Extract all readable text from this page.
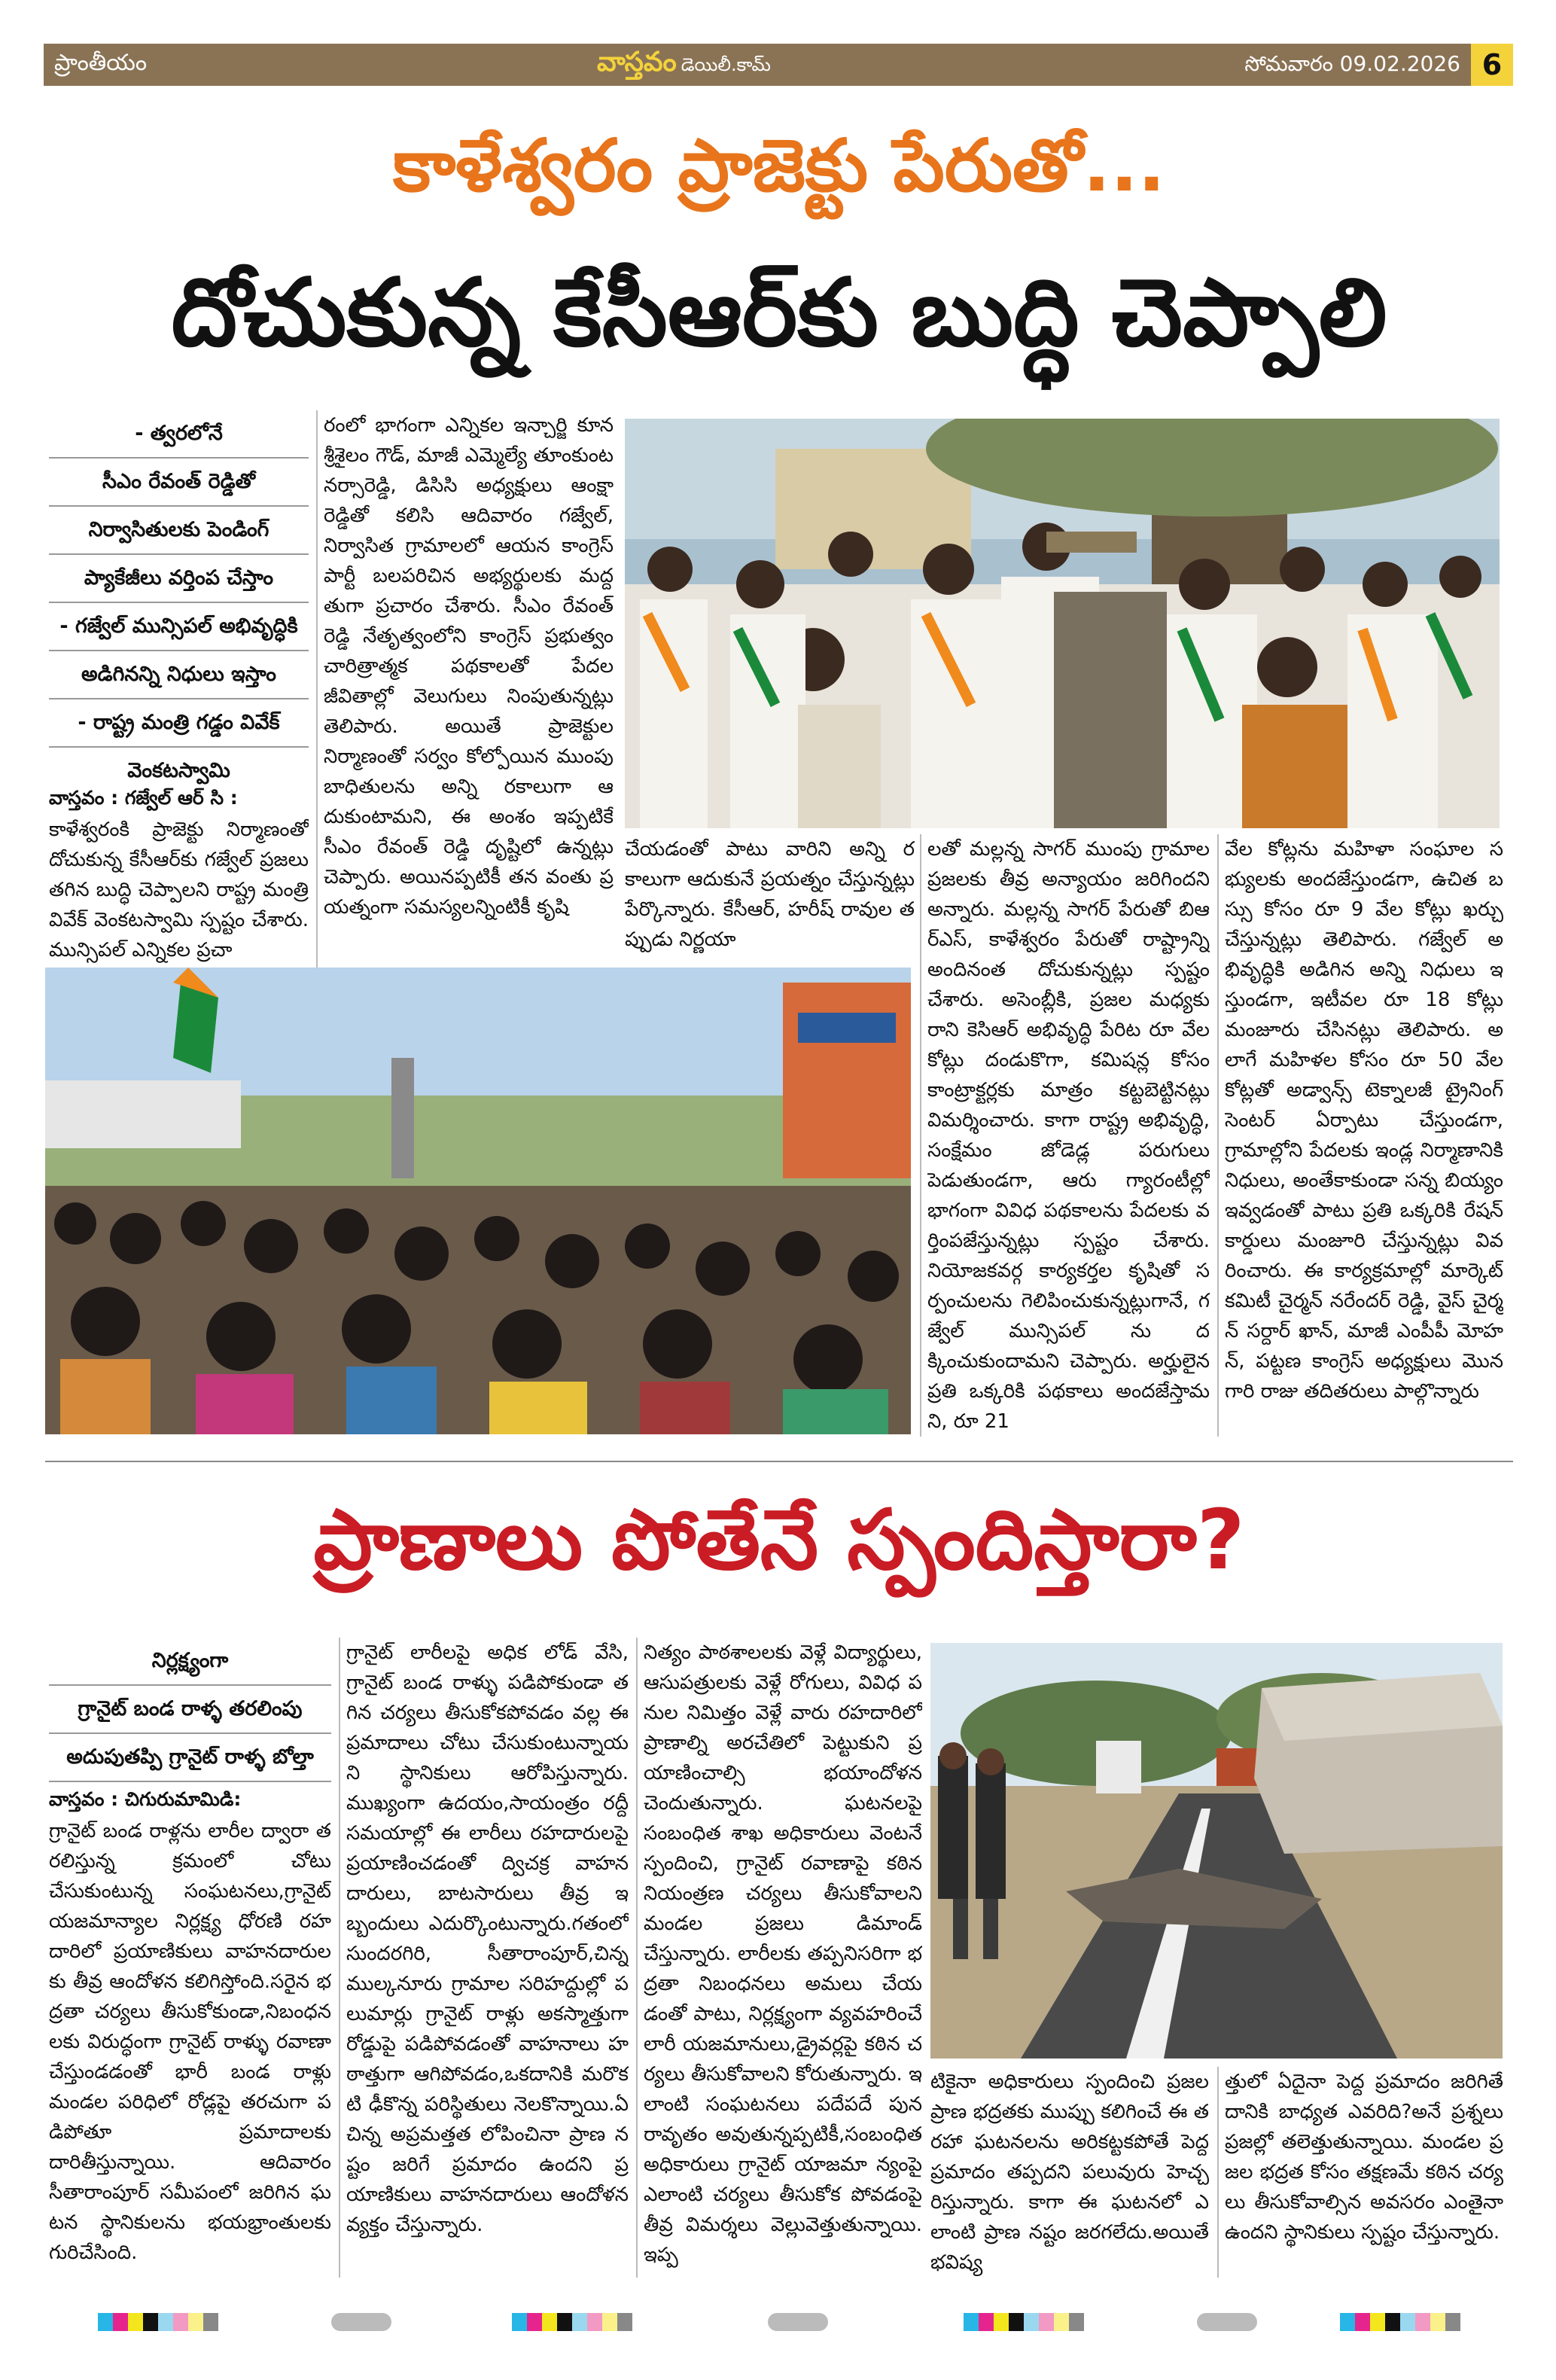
ప్రాంతీయం	వాస్తవం డెయిలీ.కామ్	సోమవారం 09.02.2026 6
కాళేశ్వరం ప్రాజెక్టు పేరుతో...
దోచుకున్న కేసీఆర్‌కు బుద్ధి చెప్పాలి
- త్వరలోనే
సీఎం రేవంత్ రెడ్డితో
నిర్వాసితులకు పెండింగ్
ప్యాకేజీలు వర్తింప చేస్తాం
- గజ్వేల్ మున్సిపల్ అభివృద్ధికి
అడిగినన్ని నిధులు ఇస్తాం
- రాష్ట్ర మంత్రి గడ్డం వివేక్
వెంకటస్వామి
వాస్తవం : గజ్వేల్ ఆర్ సి :
కాళేశ్వరంకి ప్రాజెక్టు నిర్మాణంతో దోచుకున్న కేసీఆర్‌కు గజ్వేల్ ప్రజలు తగిన బుద్ధి చెప్పాలని రాష్ట్ర మంత్రి వివేక్ వెంకటస్వామి స్పష్టం చేశారు. మున్సిపల్ ఎన్నికల ప్రచా
రంలో భాగంగా ఎన్నికల ఇన్చార్జి కూన శ్రీశైలం గౌడ్, మాజీ ఎమ్మెల్యే తూంకుంట నర్సారెడ్డి, డిసిసి అధ్యక్షులు ఆంక్షా రెడ్డితో కలిసి ఆదివారం గజ్వేల్, నిర్వాసిత గ్రామాలలో ఆయన కాంగ్రెస్ పార్టీ బలపరిచిన అభ్యర్థులకు మద్దతుగా ప్రచారం చేశారు. సీఎం రేవంత్ రెడ్డి నేతృత్వంలోని కాంగ్రెస్ ప్రభుత్వం చారిత్రాత్మక పథకాలతో పేదల జీవితాల్లో వెలుగులు నింపుతున్నట్లు తెలిపారు. అయితే ప్రాజెక్టుల నిర్మాణంతో సర్వం కోల్పోయిన ముంపు బాధితులను అన్ని రకాలుగా ఆదుకుంటామని, ఈ అంశం ఇప్పటికే సీఎం రేవంత్ రెడ్డి దృష్టిలో ఉన్నట్లు చెప్పారు. అయినప్పటికీ తన వంతు ప్రయత్నంగా సమస్యలన్నింటికీ కృషి
చేయడంతో పాటు వారిని అన్ని రకాలుగా ఆదుకునే ప్రయత్నం చేస్తున్నట్లు పేర్కొన్నారు. కేసీఆర్, హరీష్ రావుల తప్పుడు నిర్ణయా
లతో మల్లన్న సాగర్ ముంపు గ్రామాల ప్రజలకు తీవ్ర అన్యాయం జరిగిందని అన్నారు. మల్లన్న సాగర్ పేరుతో బిఆర్ఎస్, కాళేశ్వరం పేరుతో రాష్ట్రాన్ని అందినంత దోచుకున్నట్లు స్పష్టం చేశారు. అసెంబ్లీకి, ప్రజల మధ్యకు రాని కెసిఆర్ అభివృద్ధి పేరిట రూ వేల కోట్లు దండుకొగా, కమిషన్ల కోసం కాంట్రాక్టర్లకు మాత్రం కట్టబెట్టినట్లు విమర్శించారు. కాగా రాష్ట్ర అభివృద్ధి, సంక్షేమం జోడెడ్ల పరుగులు పెడుతుండగా, ఆరు గ్యారంటీల్లో భాగంగా వివిధ పథకాలను పేదలకు వర్తింపజేస్తున్నట్లు స్పష్టం చేశారు. నియోజకవర్గ కార్యకర్తల కృషితో సర్పంచులను గెలిపించుకున్నట్లుగానే, గజ్వేల్ మున్సిపల్ ను దక్కించుకుందామని చెప్పారు. అర్హులైన ప్రతి ఒక్కరికి పథకాలు అందజేస్తామని, రూ 21
వేల కోట్లను మహిళా సంఘాల సభ్యులకు అందజేస్తుండగా, ఉచిత బస్సు కోసం రూ 9 వేల కోట్లు ఖర్చు చేస్తున్నట్లు తెలిపారు. గజ్వేల్ అభివృద్ధికి అడిగిన అన్ని నిధులు ఇస్తుండగా, ఇటీవల రూ 18 కోట్లు మంజూరు చేసినట్లు తెలిపారు. అలాగే మహిళల కోసం రూ 50 వేల కోట్లతో అడ్వాన్స్ టెక్నాలజీ ట్రైనింగ్ సెంటర్ ఏర్పాటు చేస్తుండగా, గ్రామాల్లోని పేదలకు ఇండ్ల నిర్మాణానికి నిధులు, అంతేకాకుండా సన్న బియ్యం ఇవ్వడంతో పాటు ప్రతి ఒక్కరికి రేషన్ కార్డులు మంజూరి చేస్తున్నట్లు వివరించారు. ఈ కార్యక్రమాల్లో మార్కెట్ కమిటీ చైర్మన్ నరేందర్ రెడ్డి, వైస్ చైర్మన్ సర్దార్ ఖాన్, మాజీ ఎంపీపీ మోహన్, పట్టణ కాంగ్రెస్ అధ్యక్షులు మొనగారి రాజు తదితరులు పాల్గొన్నారు
ప్రాణాలు పోతేనే స్పందిస్తారా?
నిర్లక్ష్యంగా
గ్రానైట్ బండ రాళ్ళ తరలింపు
అదుపుతప్పి గ్రానైట్ రాళ్ళ బోల్తా
వాస్తవం : చిగురుమామిడి:
గ్రానైట్ బండ రాళ్లను లారీల ద్వారా తరలిస్తున్న క్రమంలో చోటు చేసుకుంటున్న సంఘటనలు,గ్రానైట్ యజమాన్యాల నిర్లక్ష్య ధోరణి రహదారిలో ప్రయాణికులు వాహనదారులకు తీవ్ర ఆందోళన కలిగిస్తోంది.సరైన భద్రతా చర్యలు తీసుకోకుండా,నిబంధనలకు విరుద్ధంగా గ్రానైట్ రాళ్ళు రవాణా చేస్తుండడంతో భారీ బండ రాళ్లు మండల పరిధిలో రోడ్లపై తరచుగా పడిపోతూ ప్రమాదాలకు దారితీస్తున్నాయి. ఆదివారం సీతారాంపూర్ సమీపంలో జరిగిన ఘటన స్థానికులను భయభ్రాంతులకు గురిచేసింది.
గ్రానైట్ లారీలపై అధిక లోడ్ వేసి,గ్రానైట్ బండ రాళ్ళు పడిపోకుండా తగిన చర్యలు తీసుకోకపోవడం వల్ల ఈ ప్రమాదాలు చోటు చేసుకుంటున్నాయని స్థానికులు ఆరోపిస్తున్నారు.ముఖ్యంగా ఉదయం,సాయంత్రం రద్దీ సమయాల్లో ఈ లారీలు రహదారులపై ప్రయాణించడంతో ద్విచక్ర వాహనదారులు, బాటసారులు తీవ్ర ఇబ్బందులు ఎదుర్కొంటున్నారు.గతంలో సుందరగిరి, సీతారాంపూర్,చిన్న ముల్కనూరు గ్రామాల సరిహద్దుల్లో పలుమార్లు గ్రానైట్ రాళ్లు అకస్మాత్తుగా రోడ్డుపై పడిపోవడంతో వాహనాలు హఠాత్తుగా ఆగిపోవడం,ఒకదానికి మరొకటి ఢీకొన్న పరిస్థితులు నెలకొన్నాయి.ఏ చిన్న అప్రమత్తత లోపించినా ప్రాణ నష్టం జరిగే ప్రమాదం ఉందని ప్రయాణికులు వాహనదారులు ఆందోళన వ్యక్తం చేస్తున్నారు.
నిత్యం పాఠశాలలకు వెళ్లే విద్యార్థులు,ఆసుపత్రులకు వెళ్లే రోగులు, వివిధ పనుల నిమిత్తం వెళ్లే వారు రహదారిలో ప్రాణాల్ని అరచేతిలో పెట్టుకుని ప్రయాణించాల్సి భయాందోళన చెందుతున్నారు. ఘటనలపై సంబంధిత శాఖ అధికారులు వెంటనే స్పందించి, గ్రానైట్ రవాణాపై కఠిన నియంత్రణ చర్యలు తీసుకోవాలని మండల ప్రజలు డిమాండ్ చేస్తున్నారు. లారీలకు తప్పనిసరిగా భద్రతా నిబంధనలు అమలు చేయడంతో పాటు, నిర్లక్ష్యంగా వ్యవహరించే లారీ యజమానులు,డ్రైవర్లపై కఠిన చర్యలు తీసుకోవాలని కోరుతున్నారు. ఇలాంటి సంఘటనలు పదేపదే పునరావృతం అవుతున్నప్పటికీ,సంబంధిత అధికారులు గ్రానైట్ యాజమా న్యంపై ఎలాంటి చర్యలు తీసుకోక పోవడంపై తీవ్ర విమర్శలు వెల్లువెత్తుతున్నాయి. ఇప్ప
టికైనా అధికారులు స్పందించి ప్రజల ప్రాణ భద్రతకు ముప్పు కలిగించే ఈ తరహా ఘటనలను అరికట్టకపోతే పెద్ద ప్రమాదం తప్పదని పలువురు హెచ్చరిస్తున్నారు. కాగా ఈ ఘటనలో ఎలాంటి ప్రాణ నష్టం జరగలేదు.అయితే భవిష్య
త్తులో ఏదైనా పెద్ద ప్రమాదం జరిగితే దానికి బాధ్యత ఎవరిది?అనే ప్రశ్నలు ప్రజల్లో తలెత్తుతున్నాయి. మండల ప్రజల భద్రత కోసం తక్షణమే కఠిన చర్యలు తీసుకోవాల్సిన అవసరం ఎంతైనా ఉందని స్థానికులు స్పష్టం చేస్తున్నారు.
